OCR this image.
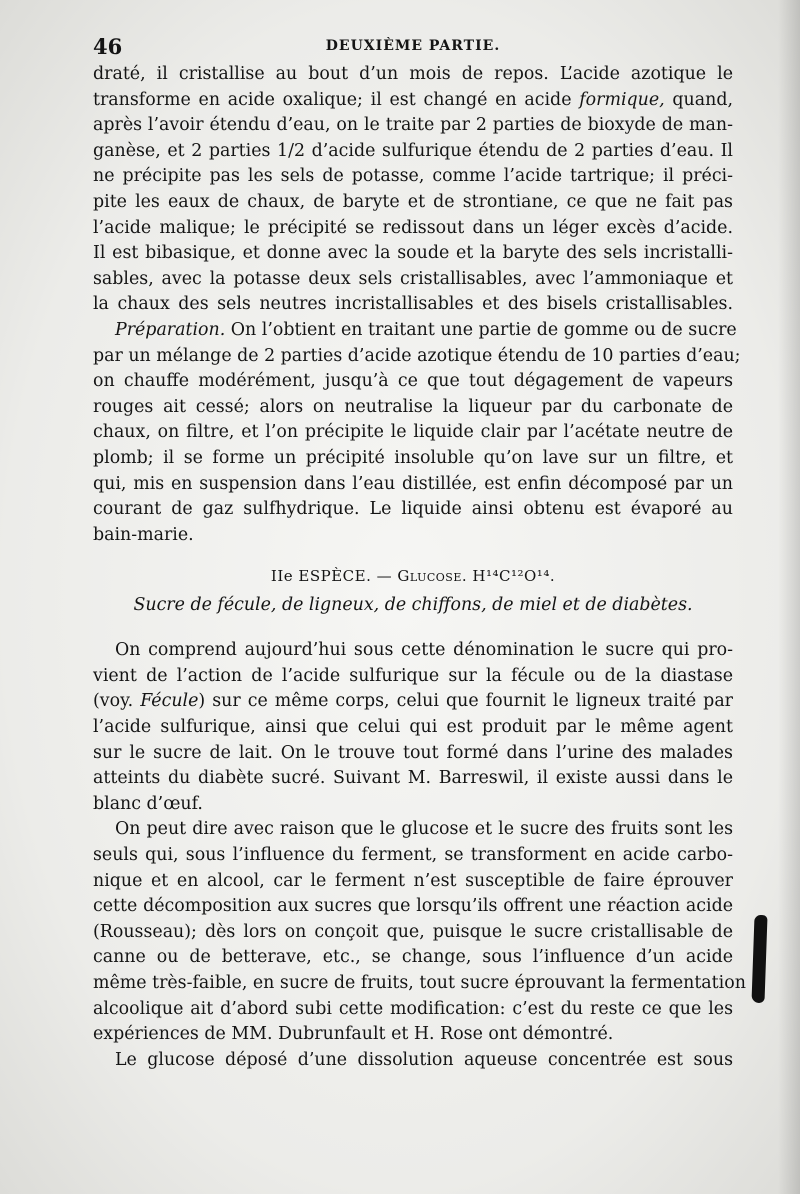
46	DEUXIÈME PARTIE.
draté, il cristallise au bout d’un mois de repos. L’acide azotique le
transforme en acide oxalique; il est changé en acide formique, quand,
après l’avoir étendu d’eau, on le traite par 2 parties de bioxyde de man-
ganèse, et 2 parties 1/2 d’acide sulfurique étendu de 2 parties d’eau. Il
ne précipite pas les sels de potasse, comme l’acide tartrique; il préci-
pite les eaux de chaux, de baryte et de strontiane, ce que ne fait pas
l’acide malique; le précipité se redissout dans un léger excès d’acide.
Il est bibasique, et donne avec la soude et la baryte des sels incristalli-
sables, avec la potasse deux sels cristallisables, avec l’ammoniaque et
la chaux des sels neutres incristallisables et des bisels cristallisables.
Préparation. On l’obtient en traitant une partie de gomme ou de sucre
par un mélange de 2 parties d’acide azotique étendu de 10 parties d’eau;
on chauffe modérément, jusqu’à ce que tout dégagement de vapeurs
rouges ait cessé; alors on neutralise la liqueur par du carbonate de
chaux, on filtre, et l’on précipite le liquide clair par l’acétate neutre de
plomb; il se forme un précipité insoluble qu’on lave sur un filtre, et
qui, mis en suspension dans l’eau distillée, est enfin décomposé par un
courant de gaz sulfhydrique. Le liquide ainsi obtenu est évaporé au
bain-marie.
IIe ESPÈCE. — Glucose. H¹⁴C¹²O¹⁴.
Sucre de fécule, de ligneux, de chiffons, de miel et de diabètes.
On comprend aujourd’hui sous cette dénomination le sucre qui pro-
vient de l’action de l’acide sulfurique sur la fécule ou de la diastase
(voy. Fécule) sur ce même corps, celui que fournit le ligneux traité par
l’acide sulfurique, ainsi que celui qui est produit par le même agent
sur le sucre de lait. On le trouve tout formé dans l’urine des malades
atteints du diabète sucré. Suivant M. Barreswil, il existe aussi dans le
blanc d’œuf.
On peut dire avec raison que le glucose et le sucre des fruits sont les
seuls qui, sous l’influence du ferment, se transforment en acide carbo-
nique et en alcool, car le ferment n’est susceptible de faire éprouver
cette décomposition aux sucres que lorsqu’ils offrent une réaction acide
(Rousseau); dès lors on conçoit que, puisque le sucre cristallisable de
canne ou de betterave, etc., se change, sous l’influence d’un acide
même très-faible, en sucre de fruits, tout sucre éprouvant la fermentation
alcoolique ait d’abord subi cette modification: c’est du reste ce que les
expériences de MM. Dubrunfault et H. Rose ont démontré.
Le glucose déposé d’une dissolution aqueuse concentrée est sous
